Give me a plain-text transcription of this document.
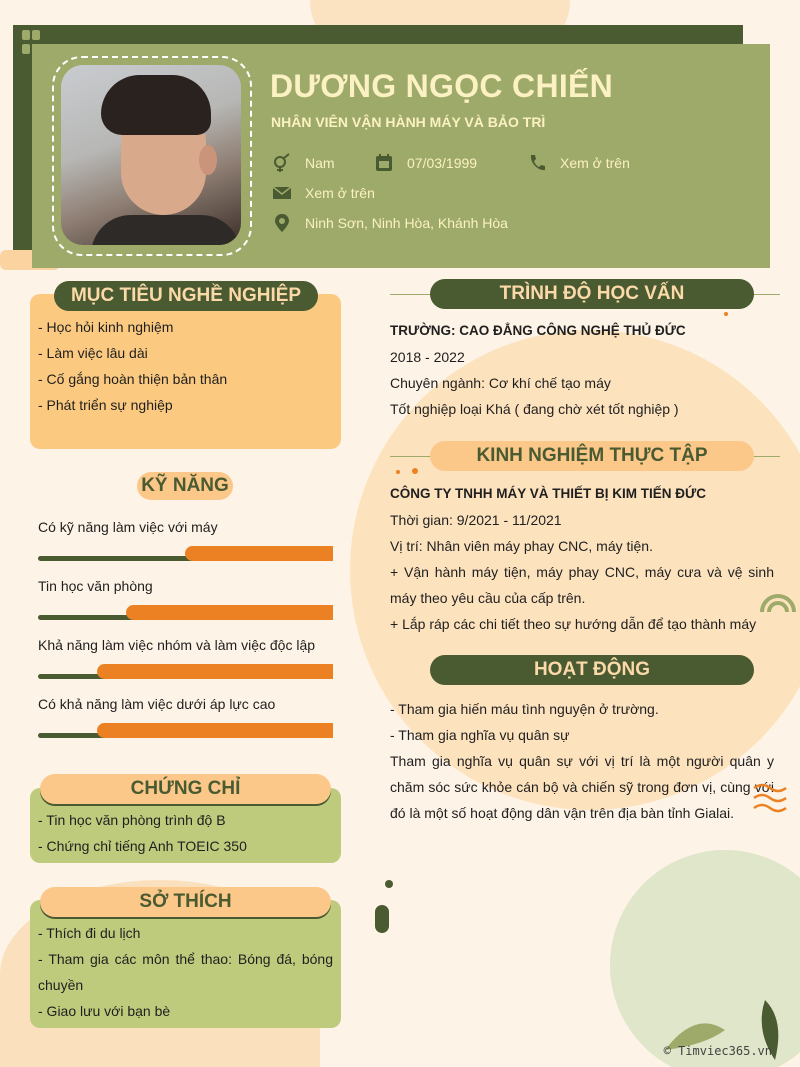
DƯƠNG NGỌC CHIẾN
NHÂN VIÊN VẬN HÀNH MÁY VÀ BẢO TRÌ
Nam	07/03/1999	Xem ở trên
Xem ở trên
Ninh Sơn, Ninh Hòa, Khánh Hòa
MỤC TIÊU NGHỀ NGHIỆP
- Học hỏi kinh nghiệm
- Làm việc lâu dài
- Cố gắng hoàn thiện bản thân
- Phát triển sự nghiệp
KỸ NĂNG
Có kỹ năng làm việc với máy
Tin học văn phòng
Khả năng làm việc nhóm và làm việc độc lập
Có khả năng làm việc dưới áp lực cao
CHỨNG CHỈ
- Tin học văn phòng trình độ B
- Chứng chỉ tiếng Anh TOEIC 350
SỞ THÍCH
- Thích đi du lịch
- Tham gia các môn thể thao: Bóng đá, bóng chuyền
- Giao lưu với bạn bè
TRÌNH ĐỘ HỌC VẤN
TRƯỜNG: CAO ĐẲNG CÔNG NGHỆ THỦ ĐỨC
2018 - 2022
Chuyên ngành: Cơ khí chế tạo máy
Tốt nghiệp loại Khá ( đang chờ xét tốt nghiệp )
KINH NGHIỆM THỰC TẬP
CÔNG TY TNHH MÁY VÀ THIẾT BỊ KIM TIẾN ĐỨC
Thời gian: 9/2021 - 11/2021
Vị trí: Nhân viên máy phay CNC, máy tiện.
+ Vận hành máy tiện, máy phay CNC, máy cưa và vệ sinh máy theo yêu cầu của cấp trên.
+ Lắp ráp các chi tiết theo sự hướng dẫn để tạo thành máy
HOẠT ĐỘNG
- Tham gia hiến máu tình nguyện ở trường.
- Tham gia nghĩa vụ quân sự
Tham gia nghĩa vụ quân sự với vị trí là một người quân y chăm sóc sức khỏe cán bộ và chiến sỹ trong đơn vị, cùng với đó là một số hoạt động dân vận trên địa bàn tỉnh Gialai.
© Timviec365.vn
